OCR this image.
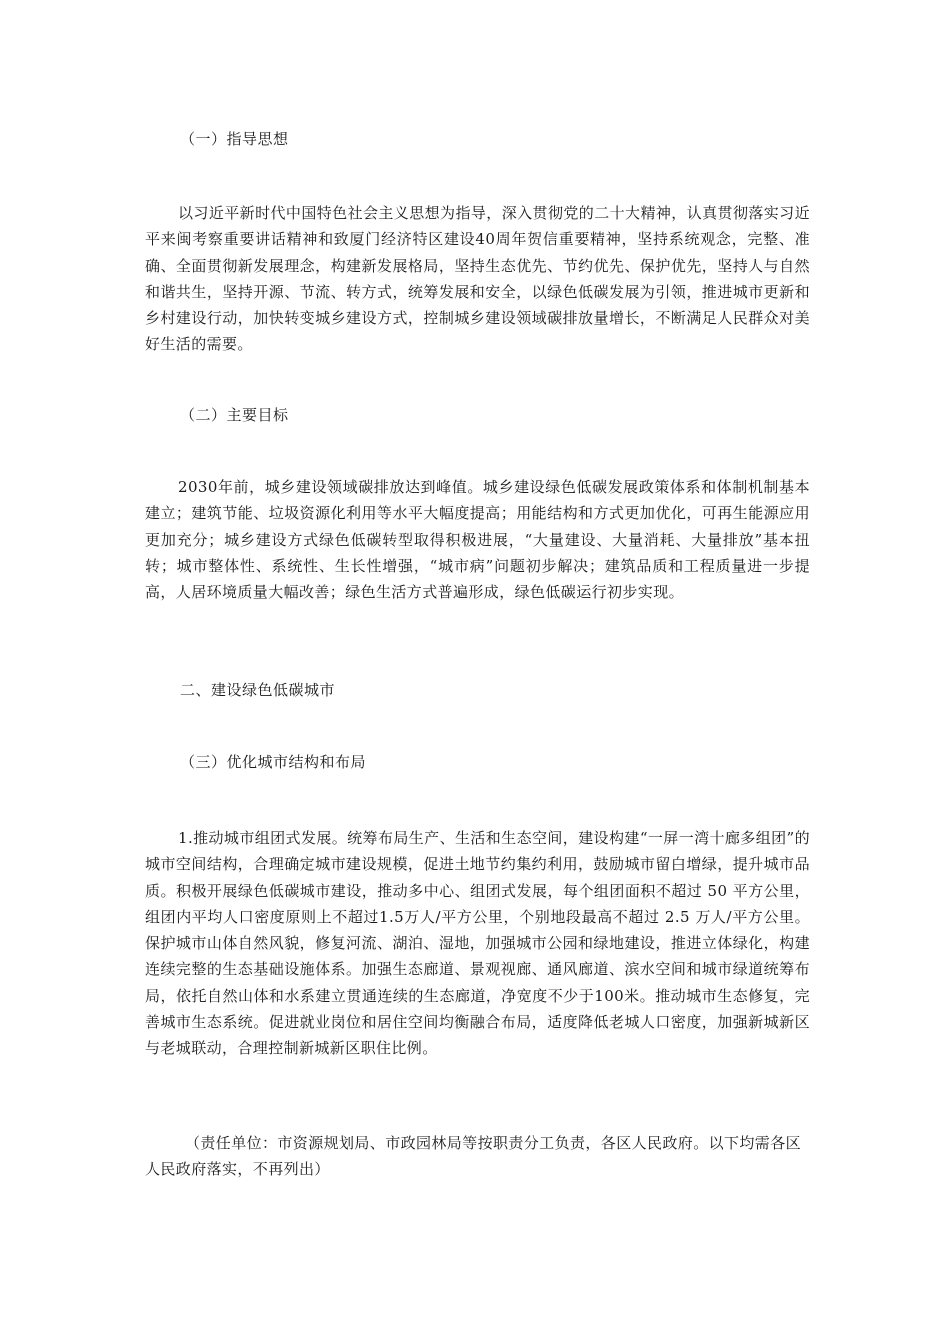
（一）指导思想
以习近平新时代中国特色社会主义思想为指导，深入贯彻党的二十大精神，认真贯彻落实习近平来闽考察重要讲话精神和致厦门经济特区建设40周年贺信重要精神，坚持系统观念，完整、准确、全面贯彻新发展理念，构建新发展格局，坚持生态优先、节约优先、保护优先，坚持人与自然和谐共生，坚持开源、节流、转方式，统筹发展和安全，以绿色低碳发展为引领，推进城市更新和乡村建设行动，加快转变城乡建设方式，控制城乡建设领域碳排放量增长，不断满足人民群众对美好生活的需要。
（二）主要目标
2030年前，城乡建设领域碳排放达到峰值。城乡建设绿色低碳发展政策体系和体制机制基本建立；建筑节能、垃圾资源化利用等水平大幅度提高；用能结构和方式更加优化，可再生能源应用更加充分；城乡建设方式绿色低碳转型取得积极进展，“大量建设、大量消耗、大量排放”基本扭转；城市整体性、系统性、生长性增强，“城市病”问题初步解决；建筑品质和工程质量进一步提高，人居环境质量大幅改善；绿色生活方式普遍形成，绿色低碳运行初步实现。
二、建设绿色低碳城市
（三）优化城市结构和布局
1.推动城市组团式发展。统筹布局生产、生活和生态空间，建设构建“一屏一湾十廊多组团”的城市空间结构，合理确定城市建设规模，促进土地节约集约利用，鼓励城市留白增绿，提升城市品质。积极开展绿色低碳城市建设，推动多中心、组团式发展，每个组团面积不超过 50 平方公里，组团内平均人口密度原则上不超过1.5万人/平方公里，个别地段最高不超过 2.5 万人/平方公里。保护城市山体自然风貌，修复河流、湖泊、湿地，加强城市公园和绿地建设，推进立体绿化，构建连续完整的生态基础设施体系。加强生态廊道、景观视廊、通风廊道、滨水空间和城市绿道统筹布局，依托自然山体和水系建立贯通连续的生态廊道，净宽度不少于100米。推动城市生态修复，完善城市生态系统。促进就业岗位和居住空间均衡融合布局，适度降低老城人口密度，加强新城新区与老城联动，合理控制新城新区职住比例。
（责任单位：市资源规划局、市政园林局等按职责分工负责，各区人民政府。以下均需各区人民政府落实，不再列出）
